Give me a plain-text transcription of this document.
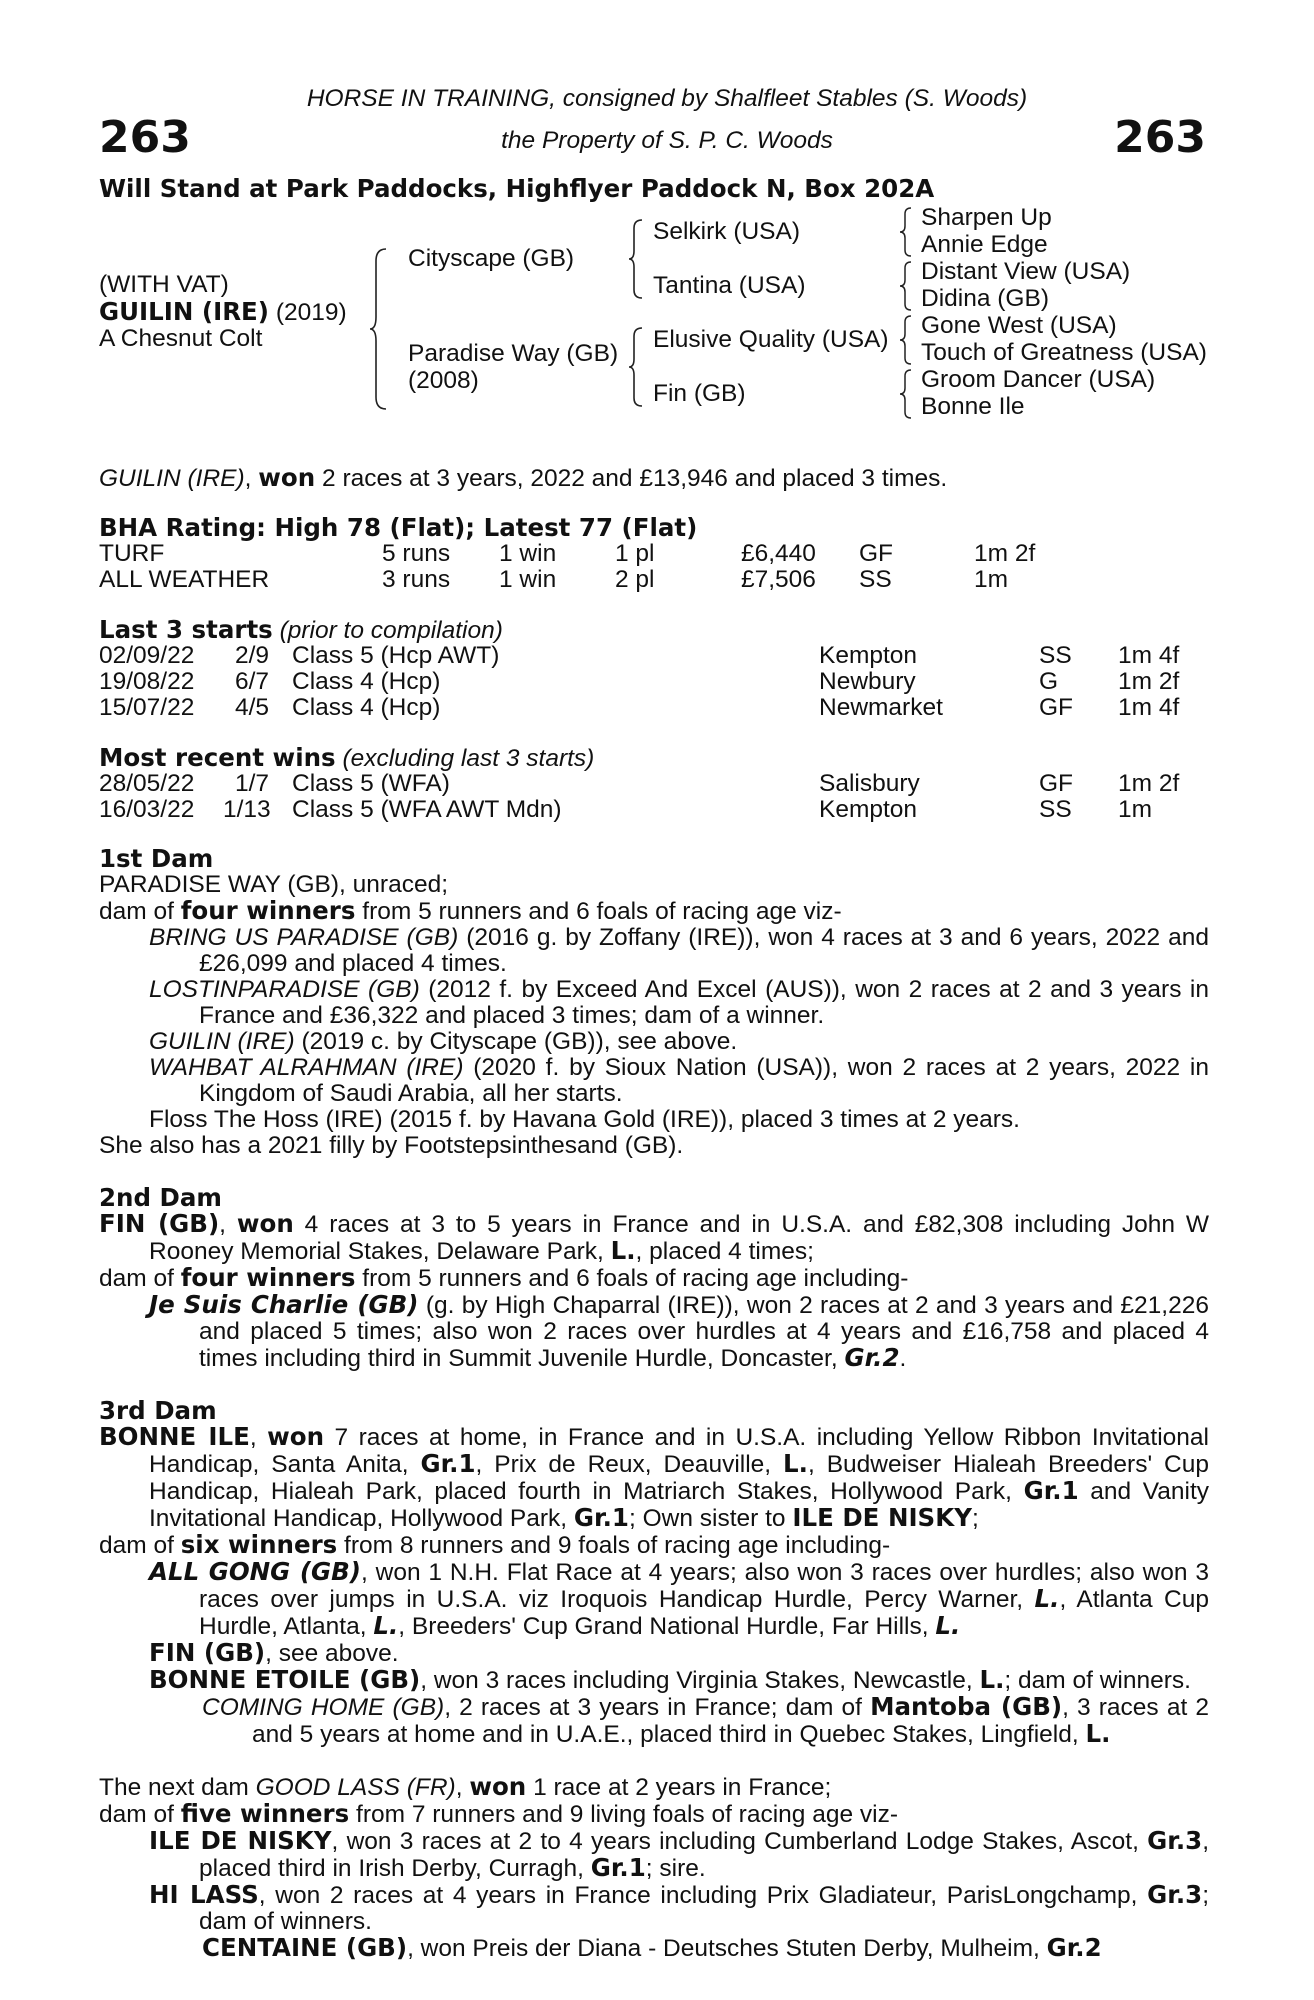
263	263
HORSE IN TRAINING, consigned by Shalfleet Stables (S. Woods)
the Property of S. P. C. Woods
Will Stand at Park Paddocks, Highflyer Paddock N, Box 202A
(WITH VAT)
GUILIN (IRE) (2019)
A Chesnut Colt
Cityscape (GB)
Paradise Way (GB)
(2008)
Selkirk (USA)
Tantina (USA)
Elusive Quality (USA)
Fin (GB)
Sharpen Up
Annie Edge
Distant View (USA)
Didina (GB)
Gone West (USA)
Touch of Greatness (USA)
Groom Dancer (USA)
Bonne Ile
GUILIN (IRE), won 2 races at 3 years, 2022 and £13,946 and placed 3 times.
BHA Rating: High 78 (Flat); Latest 77 (Flat)
TURF	5 runs 1 win 1 pl	£6,440 GF	1m 2f
ALL WEATHER	3 runs 1 win 2 pl	£7,506 SS	1m
Last 3 starts (prior to compilation)
02/09/22 2/9 Class 5 (Hcp AWT)	Kempton	SS 1m 4f
19/08/22 6/7 Class 4 (Hcp)	Newbury	G 1m 2f
15/07/22 4/5 Class 4 (Hcp)	Newmarket	GF 1m 4f
Most recent wins (excluding last 3 starts)
28/05/22 1/7 Class 5 (WFA)	Salisbury	GF 1m 2f
16/03/22 1/13 Class 5 (WFA AWT Mdn)	Kempton	SS 1m

1st Dam

PARADISE WAY (GB), unraced;

dam of four winners from 5 runners and 6 foals of racing age viz-

BRING US PARADISE (GB) (2016 g. by Zoffany (IRE)), won 4 races at 3 and 6 years, 2022 and £26,099 and placed 4 times.

LOSTINPARADISE (GB) (2012 f. by Exceed And Excel (AUS)), won 2 races at 2 and 3 years in France and £36,322 and placed 3 times; dam of a winner.

GUILIN (IRE) (2019 c. by Cityscape (GB)), see above.

WAHBAT ALRAHMAN (IRE) (2020 f. by Sioux Nation (USA)), won 2 races at 2 years, 2022 in Kingdom of Saudi Arabia, all her starts.

Floss The Hoss (IRE) (2015 f. by Havana Gold (IRE)), placed 3 times at 2 years.

She also has a 2021 filly by Footstepsinthesand (GB).

2nd Dam

FIN (GB), won 4 races at 3 to 5 years in France and in U.S.A. and £82,308 including John W Rooney Memorial Stakes, Delaware Park, L., placed 4 times;

dam of four winners from 5 runners and 6 foals of racing age including-

Je Suis Charlie (GB) (g. by High Chaparral (IRE)), won 2 races at 2 and 3 years and £21,226 and placed 5 times; also won 2 races over hurdles at 4 years and £16,758 and placed 4 times including third in Summit Juvenile Hurdle, Doncaster, Gr.2.

3rd Dam

BONNE ILE, won 7 races at home, in France and in U.S.A. including Yellow Ribbon Invitational Handicap, Santa Anita, Gr.1, Prix de Reux, Deauville, L., Budweiser Hialeah Breeders' Cup Handicap, Hialeah Park, placed fourth in Matriarch Stakes, Hollywood Park, Gr.1 and Vanity Invitational Handicap, Hollywood Park, Gr.1; Own sister to ILE DE NISKY;

dam of six winners from 8 runners and 9 foals of racing age including-

ALL GONG (GB), won 1 N.H. Flat Race at 4 years; also won 3 races over hurdles; also won 3 races over jumps in U.S.A. viz Iroquois Handicap Hurdle, Percy Warner, L., Atlanta Cup Hurdle, Atlanta, L., Breeders' Cup Grand National Hurdle, Far Hills, L.

FIN (GB), see above.

BONNE ETOILE (GB), won 3 races including Virginia Stakes, Newcastle, L.; dam of winners.

COMING HOME (GB), 2 races at 3 years in France; dam of Mantoba (GB), 3 races at 2 and 5 years at home and in U.A.E., placed third in Quebec Stakes, Lingfield, L.

The next dam GOOD LASS (FR), won 1 race at 2 years in France;

dam of five winners from 7 runners and 9 living foals of racing age viz-

ILE DE NISKY, won 3 races at 2 to 4 years including Cumberland Lodge Stakes, Ascot, Gr.3, placed third in Irish Derby, Curragh, Gr.1; sire.

HI LASS, won 2 races at 4 years in France including Prix Gladiateur, ParisLongchamp, Gr.3; dam of winners.

CENTAINE (GB), won Preis der Diana - Deutsches Stuten Derby, Mulheim, Gr.2
